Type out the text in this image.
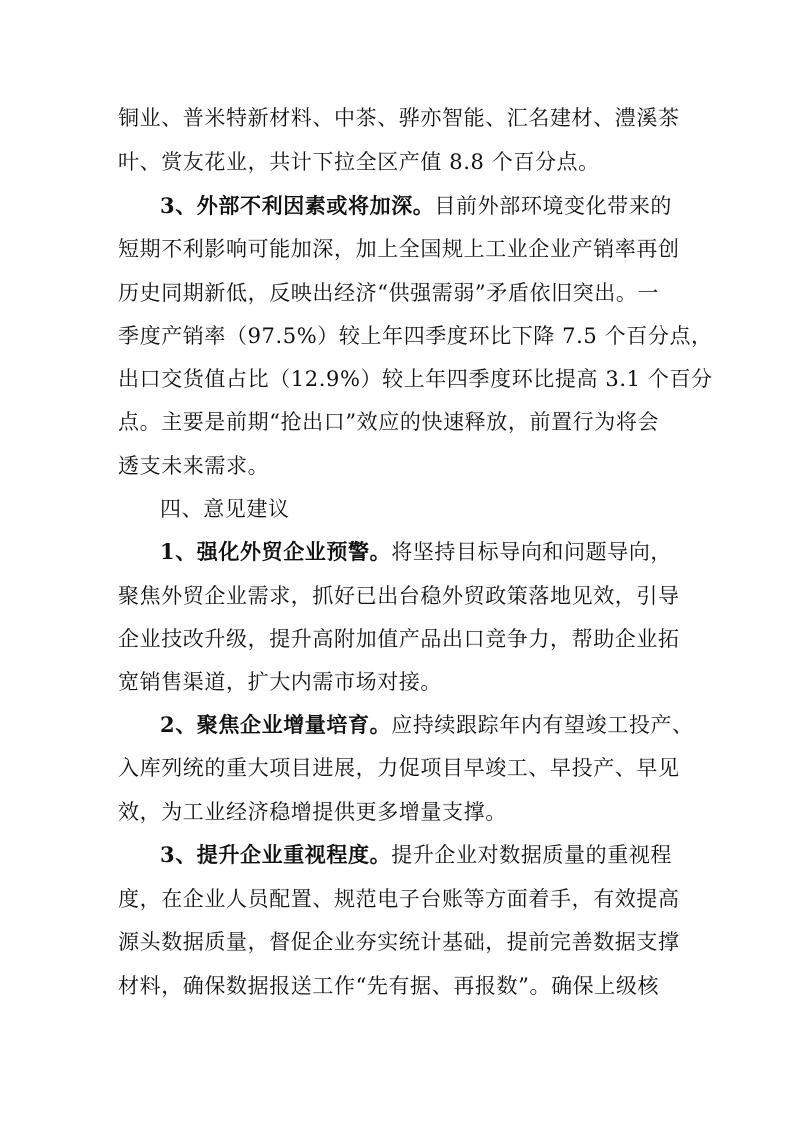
铜业、普米特新材料、中茶、骅亦智能、汇名建材、澧溪茶
叶、赏友花业，共计下拉全区产值 8.8 个百分点。
3、外部不利因素或将加深。目前外部环境变化带来的
短期不利影响可能加深，加上全国规上工业企业产销率再创
历史同期新低，反映出经济“供强需弱”矛盾依旧突出。一
季度产销率（97.5%）较上年四季度环比下降 7.5 个百分点，
出口交货值占比（12.9%）较上年四季度环比提高 3.1 个百分
点。主要是前期“抢出口”效应的快速释放，前置行为将会
透支未来需求。
四、意见建议
1、强化外贸企业预警。将坚持目标导向和问题导向，
聚焦外贸企业需求，抓好已出台稳外贸政策落地见效，引导
企业技改升级，提升高附加值产品出口竞争力，帮助企业拓
宽销售渠道，扩大内需市场对接。
2、聚焦企业增量培育。应持续跟踪年内有望竣工投产、
入库列统的重大项目进展，力促项目早竣工、早投产、早见
效，为工业经济稳增提供更多增量支撑。
3、提升企业重视程度。提升企业对数据质量的重视程
度，在企业人员配置、规范电子台账等方面着手，有效提高
源头数据质量，督促企业夯实统计基础，提前完善数据支撑
材料，确保数据报送工作“先有据、再报数”。确保上级核
